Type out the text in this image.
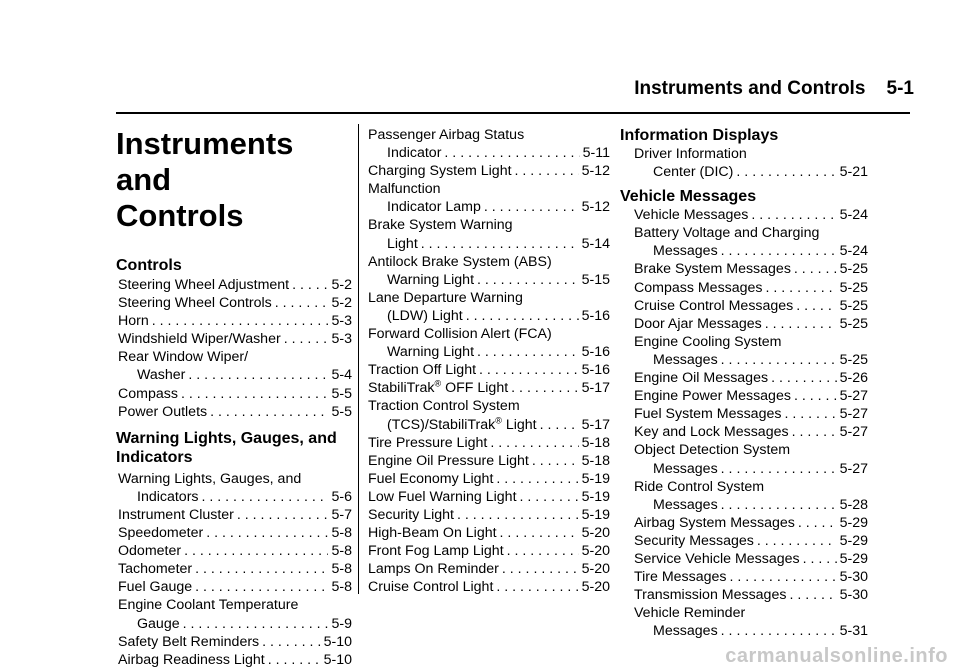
Instruments and Controls 5-1
Instruments and
Controls
Controls
Steering Wheel Adjustment . . .	5-2
Steering Wheel Controls . . .	5-2
Horn . . .	5-3
Windshield Wiper/Washer . . .	5-3
Rear Window Wiper/
Washer . . .	5-4
Compass . . .	5-5
Power Outlets . . .	5-5
Warning Lights, Gauges, and
Indicators
Warning Lights, Gauges, and
Indicators . . .	5-6
Instrument Cluster . . .	5-7
Speedometer . . .	5-8
Odometer . . .	5-8
Tachometer . . .	5-8
Fuel Gauge . . .	5-8
Engine Coolant Temperature
Gauge . . .	5-9
Safety Belt Reminders . . .	5-10
Airbag Readiness Light . . .	5-10
Passenger Airbag Status
Indicator . . .	5-11
Charging System Light . . .	5-12
Malfunction
Indicator Lamp . . .	5-12
Brake System Warning
Light . . .	5-14
Antilock Brake System (ABS)
Warning Light . . .	5-15
Lane Departure Warning
(LDW) Light . . .	5-16
Forward Collision Alert (FCA)
Warning Light . . .	5-16
Traction Off Light . . .	5-16
StabiliTrak® OFF Light . . .	5-17
Traction Control System
(TCS)/StabiliTrak® Light . . .	5-17
Tire Pressure Light . . .	5-18
Engine Oil Pressure Light . . .	5-18
Fuel Economy Light . . .	5-19
Low Fuel Warning Light . . .	5-19
Security Light . . .	5-19
High-Beam On Light . . .	5-20
Front Fog Lamp Light . . .	5-20
Lamps On Reminder . . .	5-20
Cruise Control Light . . .	5-20
Information Displays
Driver Information
Center (DIC) . . .	5-21
Vehicle Messages
Vehicle Messages . . .	5-24
Battery Voltage and Charging
Messages . . .	5-24
Brake System Messages . . .	5-25
Compass Messages . . .	5-25
Cruise Control Messages . . .	5-25
Door Ajar Messages . . .	5-25
Engine Cooling System
Messages . . .	5-25
Engine Oil Messages . . .	5-26
Engine Power Messages . . .	5-27
Fuel System Messages . . .	5-27
Key and Lock Messages . . .	5-27
Object Detection System
Messages . . .	5-27
Ride Control System
Messages . . .	5-28
Airbag System Messages . . .	5-29
Security Messages . . .	5-29
Service Vehicle Messages . . .	5-29
Tire Messages . . .	5-30
Transmission Messages . . .	5-30
Vehicle Reminder
Messages . . .	5-31
carmanualsonline.info
